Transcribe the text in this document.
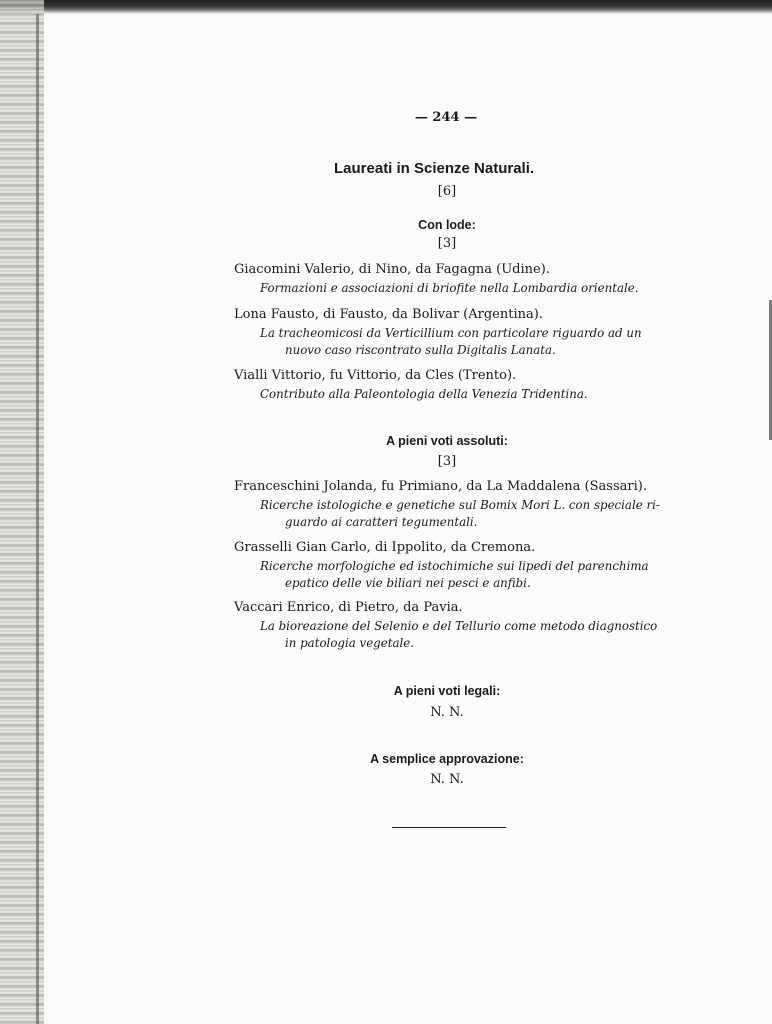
— 244 —
Laureati in Scienze Naturali.
[6]
Con lode:
[3]
Giacomini Valerio, di Nino, da Fagagna (Udine).
Formazioni e associazioni di briofite nella Lombardia orientale.
Lona Fausto, di Fausto, da Bolivar (Argentina).
La tracheomicosi da Verticillium con particolare riguardo ad un
nuovo caso riscontrato sulla Digitalis Lanata.
Vialli Vittorio, fu Vittorio, da Cles (Trento).
Contributo alla Paleontologia della Venezia Tridentina.
A pieni voti assoluti:
[3]
Franceschini Jolanda, fu Primiano, da La Maddalena (Sassari).
Ricerche istologiche e genetiche sul Bomix Mori L. con speciale ri-
guardo ai caratteri tegumentali.
Grasselli Gian Carlo, di Ippolito, da Cremona.
Ricerche morfologiche ed istochimiche sui lipedi del parenchima
epatico delle vie biliari nei pesci e anfibi.
Vaccari Enrico, di Pietro, da Pavia.
La bioreazione del Selenio e del Tellurio come metodo diagnostico
in patologia vegetale.
A pieni voti legali:
N. N.
A semplice approvazione:
N. N.
